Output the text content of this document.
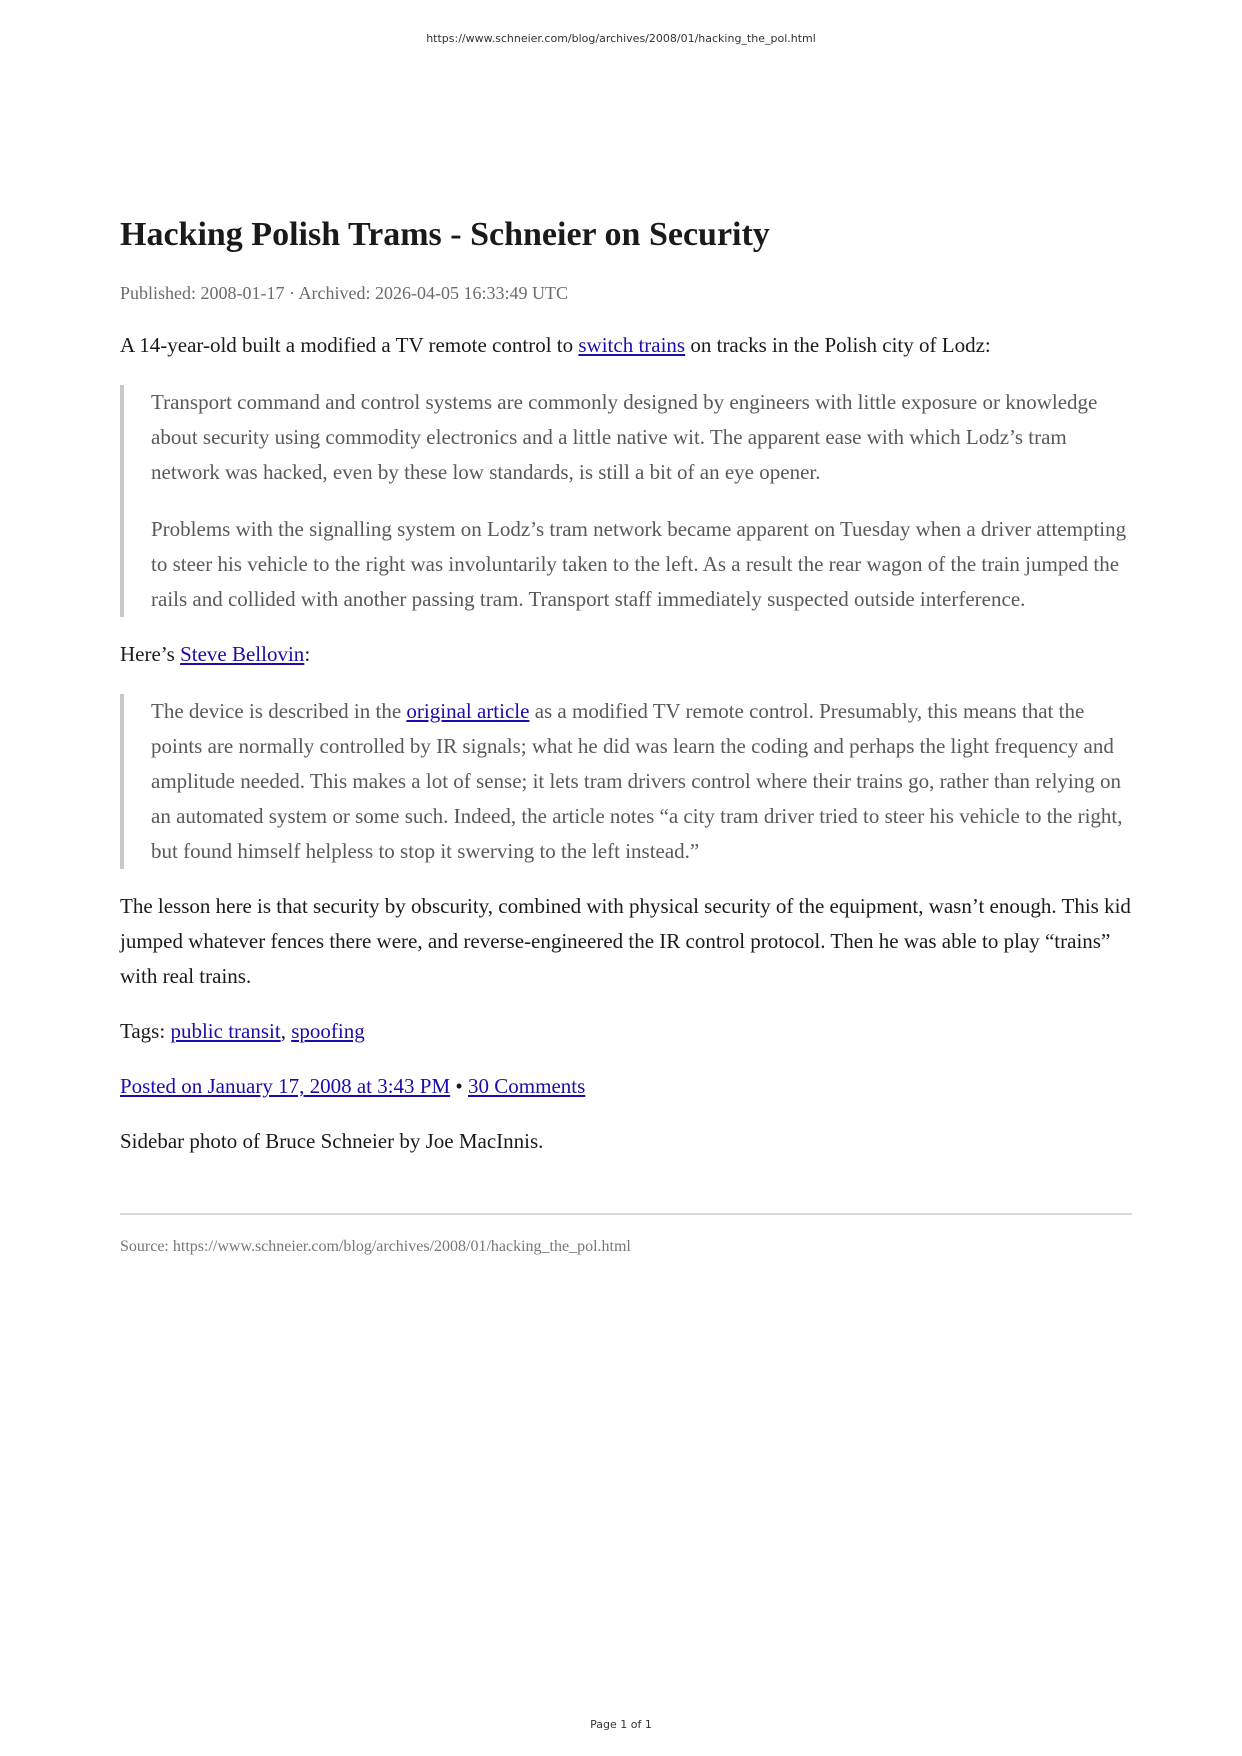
https://www.schneier.com/blog/archives/2008/01/hacking_the_pol.html
Hacking Polish Trams - Schneier on Security
Published: 2008-01-17 · Archived: 2026-04-05 16:33:49 UTC

A 14-year-old built a modified a TV remote control to switch trains on tracks in the Polish city of Lodz:

Transport command and control systems are commonly designed by engineers with little exposure or knowledge about security using commodity electronics and a little native wit. The apparent ease with which Lodz’s tram network was hacked, even by these low standards, is still a bit of an eye opener.

Problems with the signalling system on Lodz’s tram network became apparent on Tuesday when a driver attempting to steer his vehicle to the right was involuntarily taken to the left. As a result the rear wagon of the train jumped the rails and collided with another passing tram. Transport staff immediately suspected outside interference.

Here’s Steve Bellovin:

The device is described in the original article as a modified TV remote control. Presumably, this means that the points are normally controlled by IR signals; what he did was learn the coding and perhaps the light frequency and amplitude needed. This makes a lot of sense; it lets tram drivers control where their trains go, rather than relying on an automated system or some such. Indeed, the article notes “a city tram driver tried to steer his vehicle to the right, but found himself helpless to stop it swerving to the left instead.”

The lesson here is that security by obscurity, combined with physical security of the equipment, wasn’t enough. This kid jumped whatever fences there were, and reverse-engineered the IR control protocol. Then he was able to play “trains” with real trains.

Tags: public transit, spoofing

Posted on January 17, 2008 at 3:43 PM • 30 Comments

Sidebar photo of Bruce Schneier by Joe MacInnis.

Source: https://www.schneier.com/blog/archives/2008/01/hacking_the_pol.html
Page 1 of 1
